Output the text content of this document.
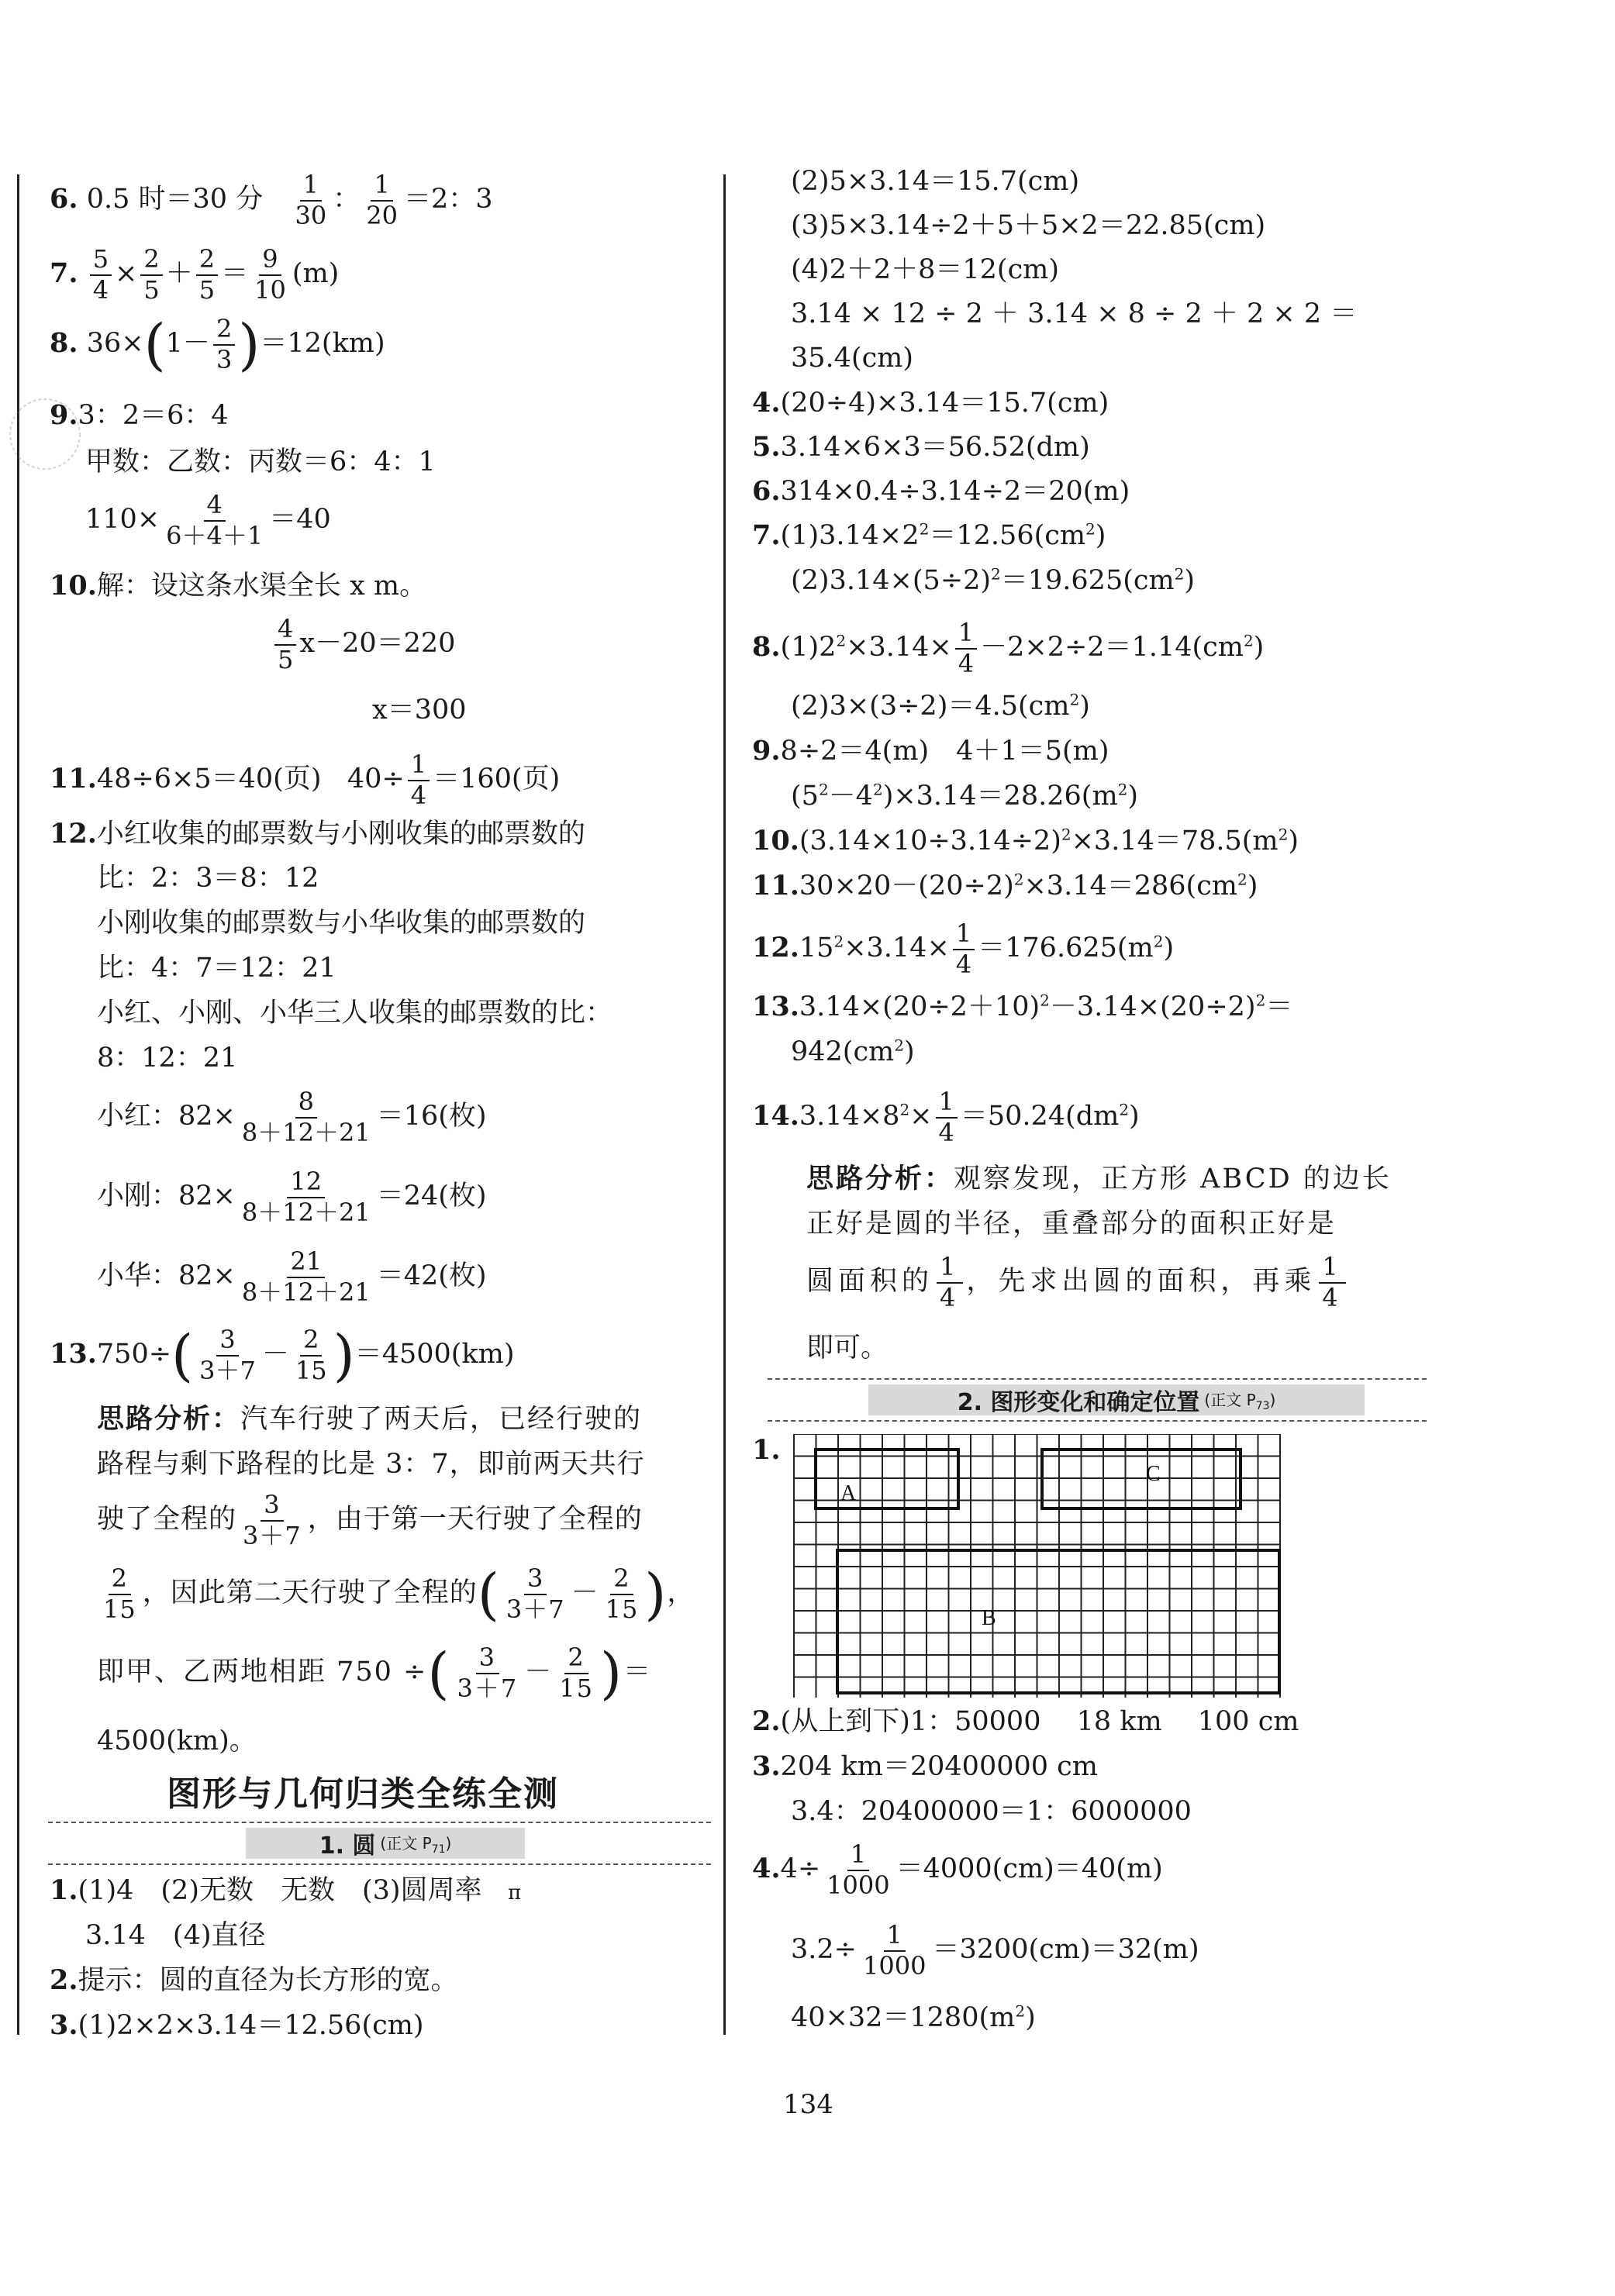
6. 0.5 时＝30 分 $\frac{1}{30}$ ： $\frac{1}{20} =2$：3
7. $\frac{5}{4} \times \frac{2}{5} + \frac{2}{5} = \frac{9}{10} (m)$
8. $36\times(1- \frac{2}{3} )=12(km)$
9.3：2＝6：4
甲数：乙数：丙数＝6：4：1
$110\times \frac{4}{6+4+1} =40$
10.解：设这条水渠全长 x m。
$\frac{4}{5} x-20=220$
x＝300
11.48÷6×5＝40(页) $40\div \frac{1}{4} =160$(页)
12.小红收集的邮票数与小刚收集的邮票数的
比：2：3＝8：12
小刚收集的邮票数与小华收集的邮票数的
比：4：7＝12：21
小红、小刚、小华三人收集的邮票数的比：
8：12：21
小红：$82\times \frac{8}{8+12+21} =16$(枚)
小刚：$82\times \frac{12}{8+12+21} =24$(枚)
小华：$82\times \frac{21}{8+12+21} =42$(枚)
$13.750\div( \frac{3}{3+7} - \frac{2}{15} )=4500(km)$
思路分析：汽车行驶了两天后，已经行驶的
路程与剩下路程的比是 3：7，即前两天共行
驶了全程的 $\frac{3}{3+7}$ ，由于第一天行驶了全程的
$\frac{2}{15}$ ，因此第二天行驶了全程的( $\frac{3}{3+7} - \frac{2}{15}$ )，
即甲、乙两地相距 750 ÷( $\frac{3}{3+7} - \frac{2}{15}$ )＝
4500(km)。
图形与几何归类全练全测
1. 圆 (正文 $P_{71}$)
1.(1)4　(2)无数　无数　(3)圆周率 π
3.14　(4)直径
2.提示：圆的直径为长方形的宽。
3.(1)2×2×3.14＝12.56(cm)
(2)5×3.14＝15.7(cm)
(3)5×3.14÷2＋5＋5×2＝22.85(cm)
(4)2＋2＋8＝12(cm)
3.14 × 12 ÷ 2 ＋ 3.14 × 8 ÷ 2 ＋ 2 × 2 ＝
35.4(cm)
4.(20÷4)×3.14＝15.7(cm)
5.3.14×6×3＝56.52(dm)
6.314×0.4÷3.14÷2＝20(m)
$7.(1)3.14\times 2^2=12.56(cm^2)$
$(2)3.14\times(5\div 2)^2=19.625(cm^2)$
$8.(1)2^2\times 3.14\times \frac{1}{4} -2\times 2\div 2=1.14(cm^2)$
$(2)3\times(3\div 2)=4.5(cm^2)$
9.8÷2＝4(m)　4＋1＝5(m)
$(5^2-4^2)\times 3.14=28.26(m^2)$
$10.(3.14\times 10\div 3.14\div 2)^2\times 3.14=78.5(m^2)$
$11.30\times 20-(20\div 2)^2\times 3.14=286(cm^2)$
$12.15^2\times 3.14\times \frac{1}{4} =176.625(m^2)$
$13.3.14\times(20\div 2+10)^2-3.14\times(20\div 2)^2=$
$942(cm^2)$
$14.3.14\times 8^2\times \frac{1}{4} =50.24(dm^2)$
思路分析：观察发现，正方形 ABCD 的边长
正好是圆的半径，重叠部分的面积正好是
圆面积的 $\frac{1}{4}$ ，先求出圆的面积，再乘 $\frac{1}{4}$
即可。
2. 图形变化和确定位置 (正文 $P_{73}$)
1.
A
C
B
2.(从上到下)1：50000　 18 km　 100 cm
3.204 km＝20400000 cm
3.4：20400000＝1：6000000
$4.4\div \frac{1}{1000} =4000(cm)=40(m)$
$3.2\div \frac{1}{1000} =3200(cm)=32(m)$
$40\times 32=1280(m^2)$
134
